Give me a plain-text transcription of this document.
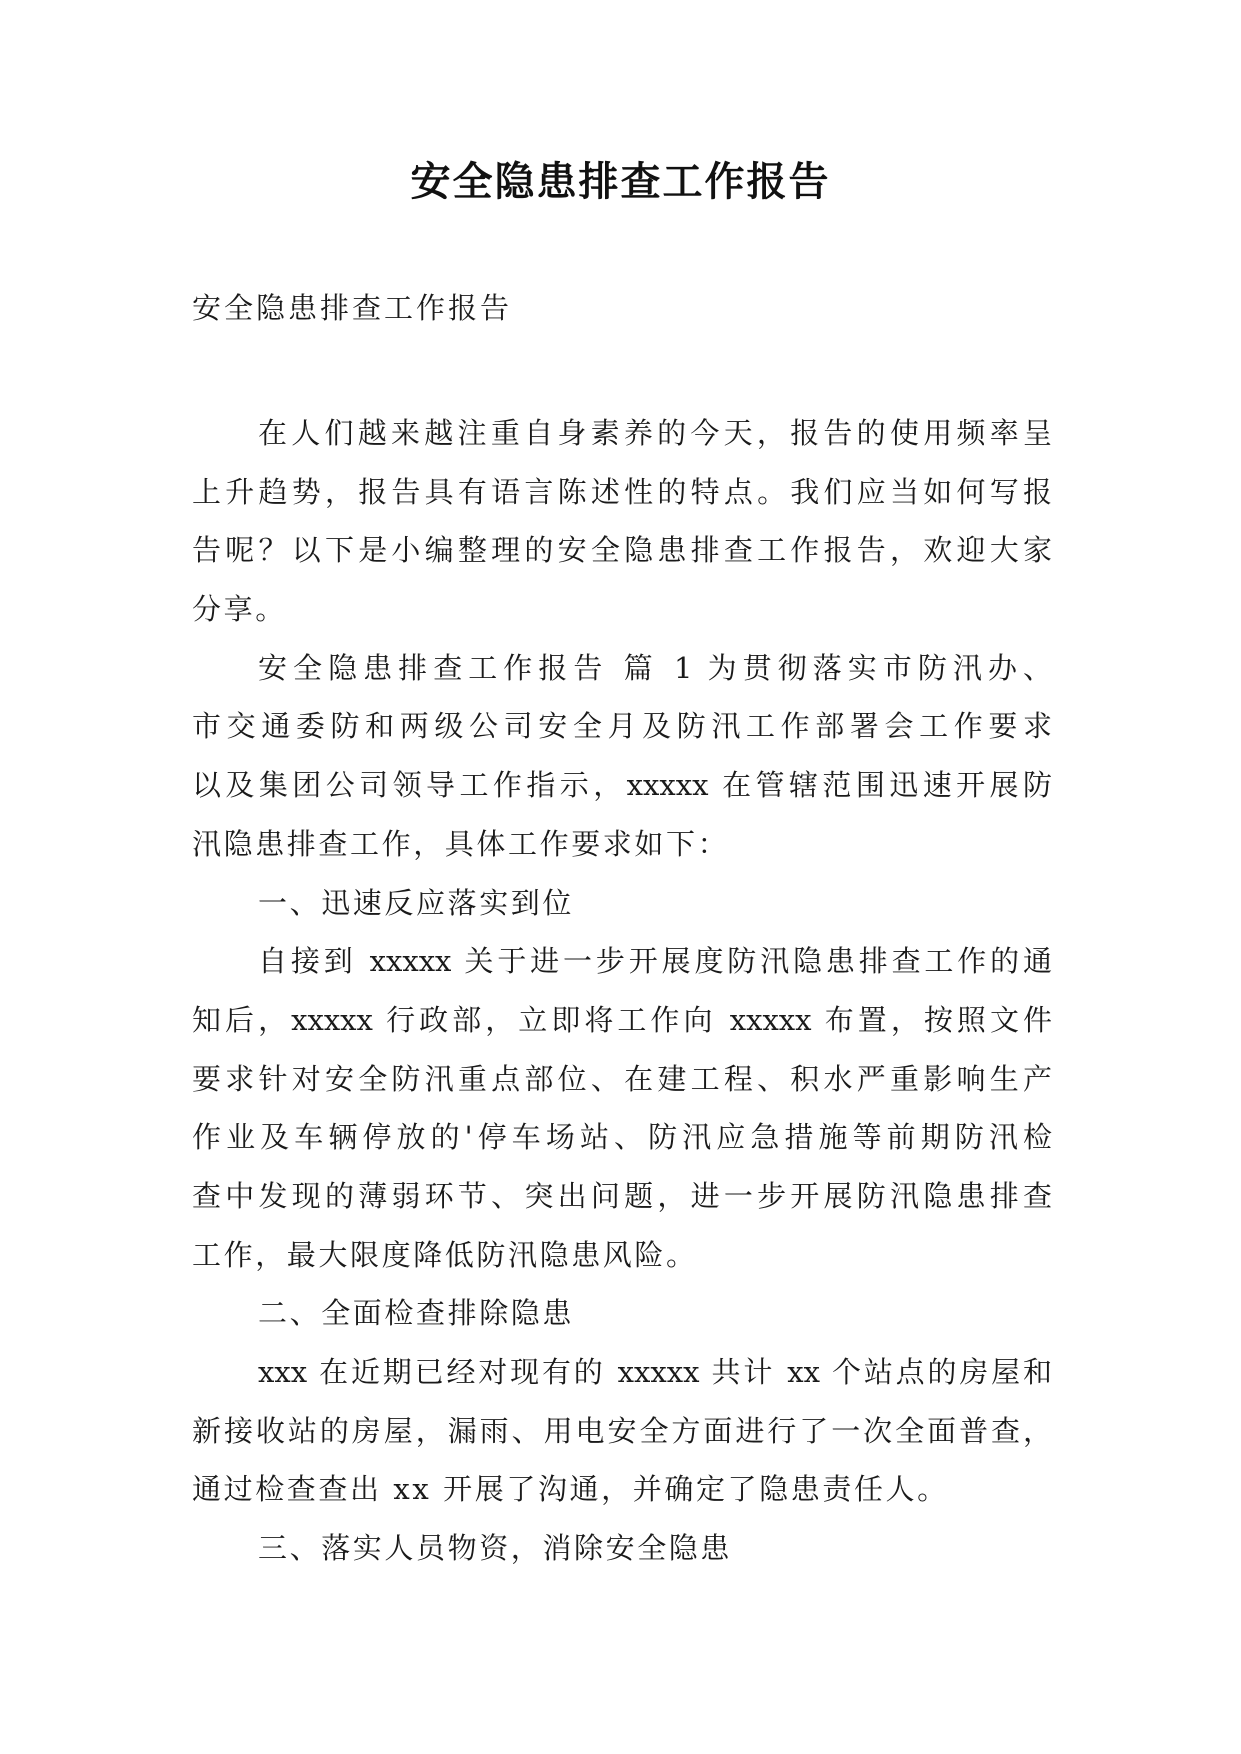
安全隐患排查工作报告
安全隐患排查工作报告
在人们越来越注重自身素养的今天，报告的使用频率呈
上升趋势，报告具有语言陈述性的特点。我们应当如何写报
告呢？以下是小编整理的安全隐患排查工作报告，欢迎大家
分享。
安全隐患排查工作报告 篇 1 为贯彻落实市防汛办、
市交通委防和两级公司安全月及防汛工作部署会工作要求
以及集团公司领导工作指示，xxxxx 在管辖范围迅速开展防
汛隐患排查工作，具体工作要求如下：
一、迅速反应落实到位
自接到 xxxxx 关于进一步开展度防汛隐患排查工作的通
知后，xxxxx 行政部，立即将工作向 xxxxx 布置，按照文件
要求针对安全防汛重点部位、在建工程、积水严重影响生产
作业及车辆停放的'停车场站、防汛应急措施等前期防汛检
查中发现的薄弱环节、突出问题，进一步开展防汛隐患排查
工作，最大限度降低防汛隐患风险。
二、全面检查排除隐患
xxx 在近期已经对现有的 xxxxx 共计 xx 个站点的房屋和
新接收站的房屋，漏雨、用电安全方面进行了一次全面普查，
通过检查查出 xx 开展了沟通，并确定了隐患责任人。
三、落实人员物资，消除安全隐患
